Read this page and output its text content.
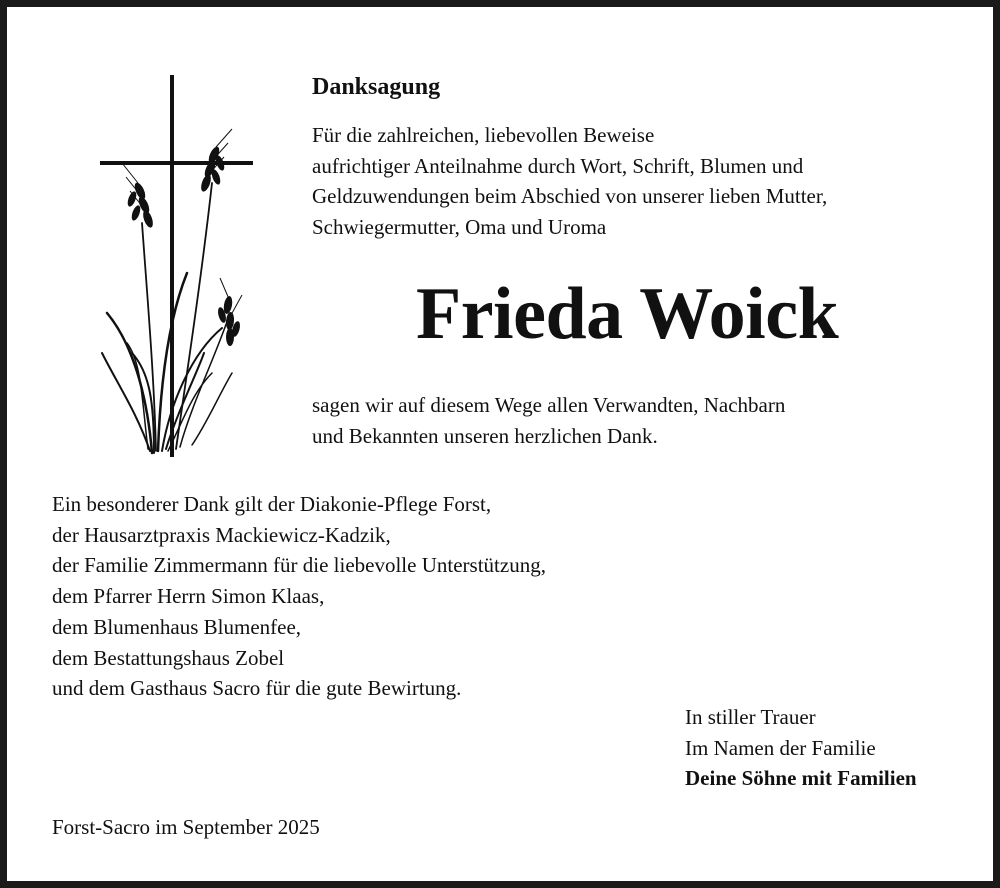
Danksagung
Für die zahlreichen, liebevollen Beweise
aufrichtiger Anteilnahme durch Wort, Schrift, Blumen und
Geldzuwendungen beim Abschied von unserer lieben Mutter,
Schwiegermutter, Oma und Uroma
Frieda Woick
sagen wir auf diesem Wege allen Verwandten, Nachbarn
und Bekannten unseren herzlichen Dank.
Ein besonderer Dank gilt der Diakonie-Pflege Forst,
der Hausarztpraxis Mackiewicz-Kadzik,
der Familie Zimmermann für die liebevolle Unterstützung,
dem Pfarrer Herrn Simon Klaas,
dem Blumenhaus Blumenfee,
dem Bestattungshaus Zobel
und dem Gasthaus Sacro für die gute Bewirtung.
In stiller Trauer
Im Namen der Familie
Deine Söhne mit Familien
Forst-Sacro im September 2025
